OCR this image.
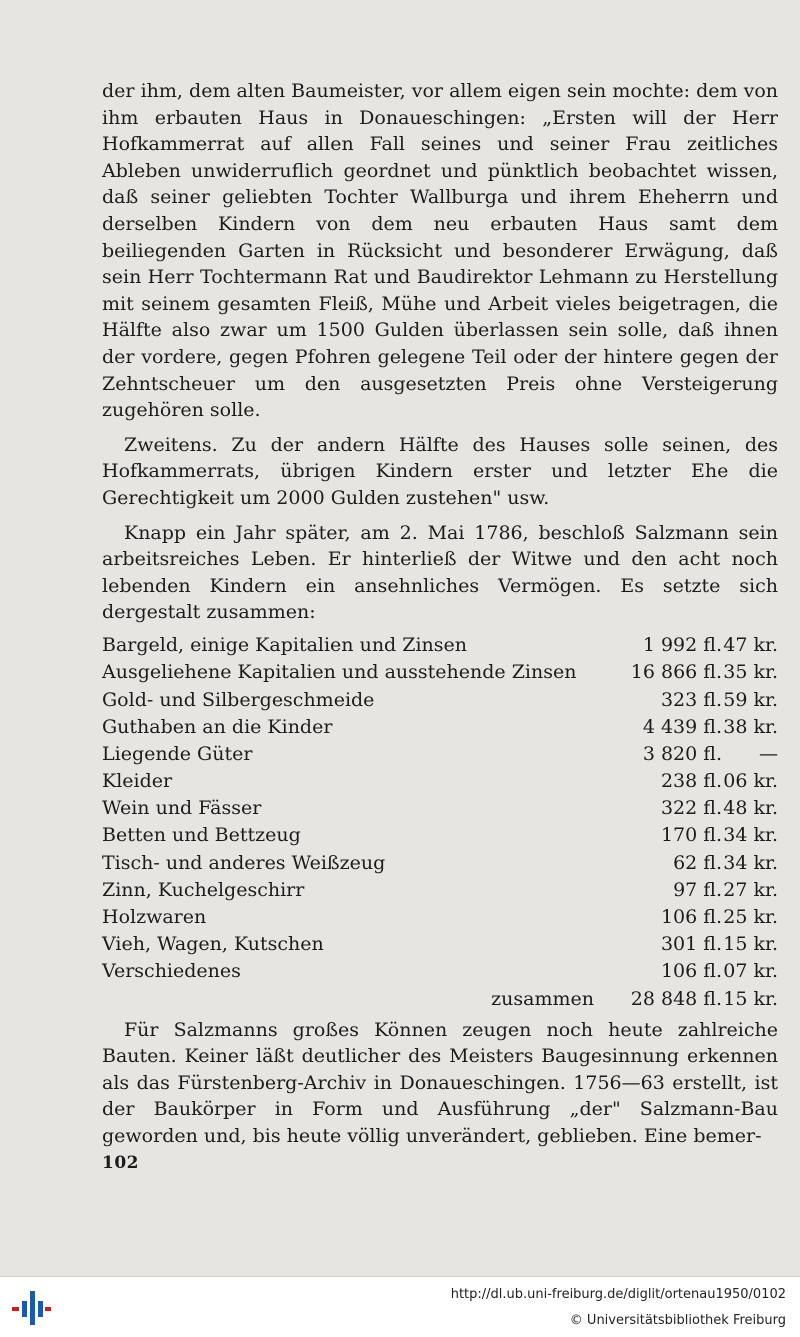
der ihm, dem alten Baumeister, vor allem eigen sein mochte: dem von ihm erbauten Haus in Donaueschingen: „Ersten will der Herr Hofkammerrat auf allen Fall seines und seiner Frau zeitliches Ableben unwiderruflich geordnet und pünktlich beobachtet wissen, daß seiner geliebten Tochter Wallburga und ihrem Eheherrn und derselben Kindern von dem neu erbauten Haus samt dem beiliegenden Garten in Rücksicht und besonderer Erwägung, daß sein Herr Tochtermann Rat und Baudirektor Lehmann zu Herstellung mit seinem gesamten Fleiß, Mühe und Arbeit vieles beigetragen, die Hälfte also zwar um 1500 Gulden überlassen sein solle, daß ihnen der vordere, gegen Pfohren gelegene Teil oder der hintere gegen der Zehntscheuer um den ausgesetzten Preis ohne Versteigerung zugehören solle.

Zweitens. Zu der andern Hälfte des Hauses solle seinen, des Hofkammerrats, übrigen Kindern erster und letzter Ehe die Gerechtigkeit um 2000 Gulden zustehen" usw.

Knapp ein Jahr später, am 2. Mai 1786, beschloß Salzmann sein arbeitsreiches Leben. Er hinterließ der Witwe und den acht noch lebenden Kindern ein ansehnliches Vermögen. Es setzte sich dergestalt zusammen:

Bargeld, einige Kapitalien und Zinsen	1 992 fl.	47 kr.
Ausgeliehene Kapitalien und ausstehende Zinsen	16 866 fl.	35 kr.
Gold- und Silbergeschmeide	323 fl.	59 kr.
Guthaben an die Kinder	4 439 fl.	38 kr.
Liegende Güter	3 820 fl.	—
Kleider	238 fl.	06 kr.
Wein und Fässer	322 fl.	48 kr.
Betten und Bettzeug	170 fl.	34 kr.
Tisch- und anderes Weißzeug	62 fl.	34 kr.
Zinn, Kuchelgeschirr	97 fl.	27 kr.
Holzwaren	106 fl.	25 kr.
Vieh, Wagen, Kutschen	301 fl.	15 kr.
Verschiedenes	106 fl.	07 kr.
zusammen	28 848 fl.	15 kr.

Für Salzmanns großes Können zeugen noch heute zahlreiche Bauten. Keiner läßt deutlicher des Meisters Baugesinnung erkennen als das Fürstenberg-Archiv in Donaueschingen. 1756—63 erstellt, ist der Baukörper in Form und Ausführung „der" Salzmann-Bau geworden und, bis heute völlig unverändert, geblieben. Eine bemer-

102
http://dl.ub.uni-freiburg.de/diglit/ortenau1950/0102
© Universitätsbibliothek Freiburg
